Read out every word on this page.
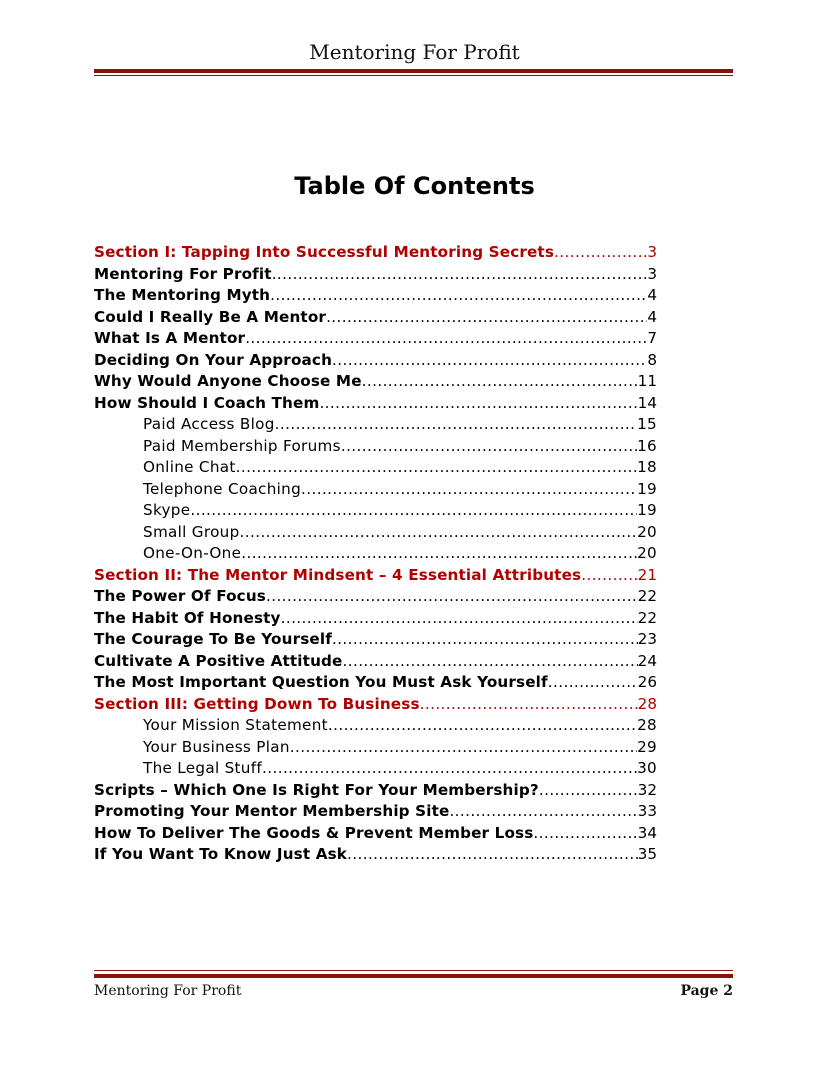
Mentoring For Profit
Table Of Contents
Section I: Tapping Into Successful Mentoring Secrets .....	3
Mentoring For Profit .....	3
The Mentoring Myth .....	4
Could I Really Be A Mentor .....	4
What Is A Mentor .....	7
Deciding On Your Approach .....	8
Why Would Anyone Choose Me .....	11
How Should I Coach Them .....	14
Paid Access Blog .....	15
Paid Membership Forums .....	16
Online Chat .....	18
Telephone Coaching .....	19
Skype .....	19
Small Group .....	20
One-On-One .....	20
Section II: The Mentor Mindsent – 4 Essential Attributes .....	21
The Power Of Focus .....	22
The Habit Of Honesty .....	22
The Courage To Be Yourself .....	23
Cultivate A Positive Attitude .....	24
The Most Important Question You Must Ask Yourself .....	26
Section III: Getting Down To Business .....	28
Your Mission Statement .....	28
Your Business Plan .....	29
The Legal Stuff .....	30
Scripts – Which One Is Right For Your Membership? .....	32
Promoting Your Mentor Membership Site .....	33
How To Deliver The Goods & Prevent Member Loss .....	34
If You Want To Know Just Ask .....	35
Mentoring For Profit	Page 2
